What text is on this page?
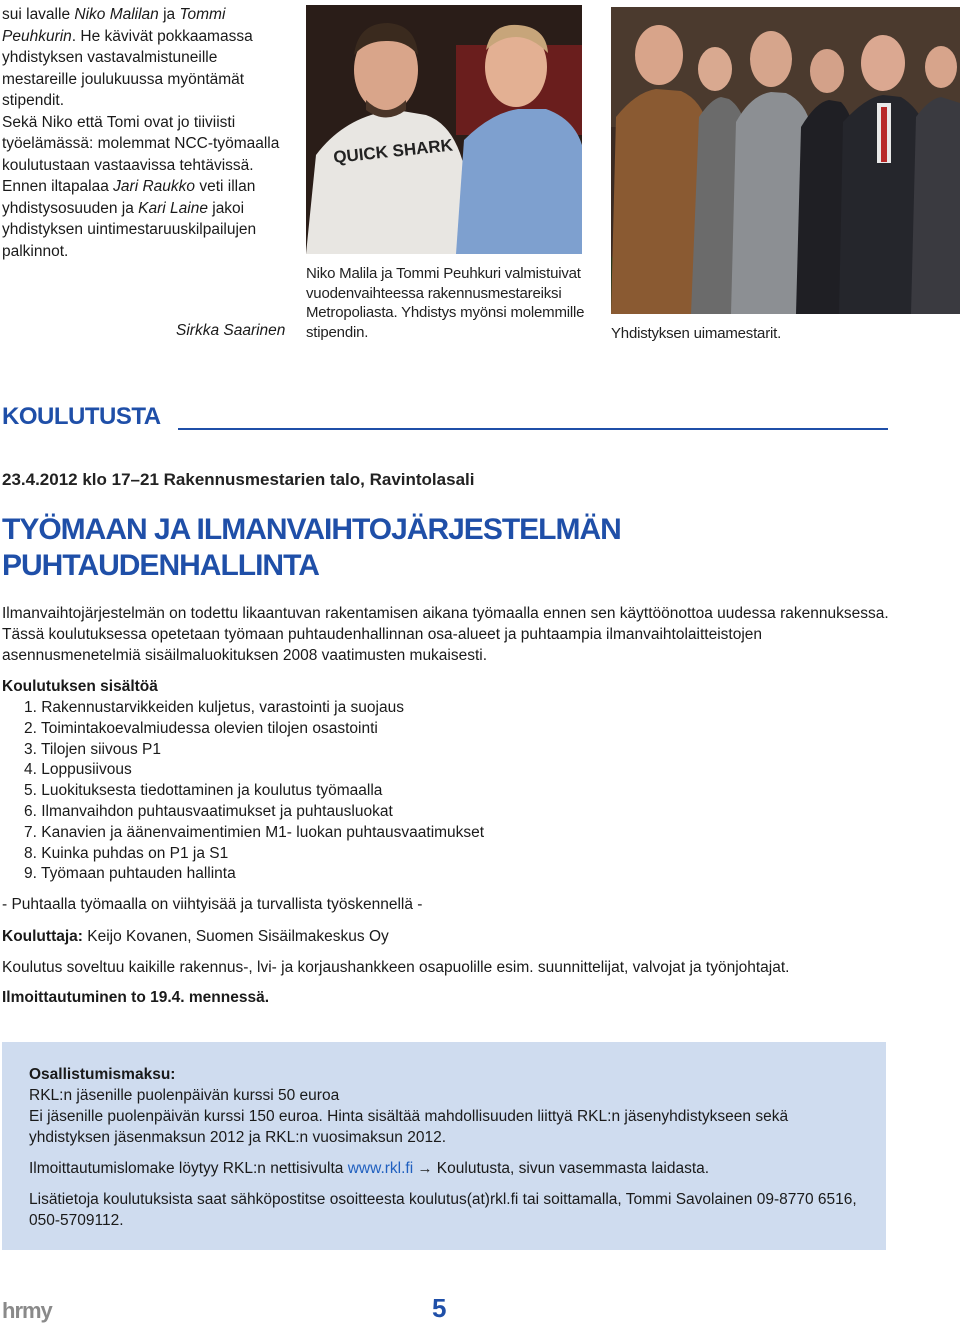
sui lavalle Niko Malilan ja Tommi Peuhkurin. He kävivät pokkaamassa yhdistyksen vastavalmistuneille mestareille joulukuussa myöntämät stipendit.

Sekä Niko että Tomi ovat jo tiiviisti työelämässä: molemmat NCC-työmaalla koulutustaan vastaavissa tehtävissä.

Ennen iltapalaa Jari Raukko veti illan yhdistysosuuden ja Kari Laine jakoi yhdistyksen uintimestaruuskilpailujen palkinnot.

Sirkka Saarinen
QUICK SHARK
Niko Malila ja Tommi Peuhkuri valmistuivat vuodenvaihteessa rakennusmestareiksi Metropoliasta. Yhdistys myönsi molemmille stipendin.	Yhdistyksen uimamestarit.
KOULUTUSTA
23.4.2012 klo 17–21 Rakennusmestarien talo, Ravintolasali
TYÖMAAN JA ILMANVAIHTOJÄRJESTELMÄN
PUHTAUDENHALLINTA

Ilmanvaihtojärjestelmän on todettu likaantuvan rakentamisen aikana työmaalla ennen sen käyttöönottoa uudessa rakennuksessa. Tässä koulutuksessa opetetaan työmaan puhtaudenhallinnan osa-alueet ja puhtaampia ilmanvaihtolaitteistojen asennusmenetelmiä sisäilmaluokituksen 2008 vaatimusten mukaisesti.

Koulutuksen sisältöä
1. Rakennustarvikkeiden kuljetus, varastointi ja suojaus
2. Toimintakoevalmiudessa olevien tilojen osastointi
3. Tilojen siivous P1
4. Loppusiivous
5. Luokituksesta tiedottaminen ja koulutus työmaalla
6. Ilmanvaihdon puhtausvaatimukset ja puhtausluokat
7. Kanavien ja äänenvaimentimien M1- luokan puhtausvaatimukset
8. Kuinka puhdas on P1 ja S1
9. Työmaan puhtauden hallinta
- Puhtaalla työmaalla on viihtyisää ja turvallista työskennellä -
Kouluttaja: Keijo Kovanen, Suomen Sisäilmakeskus Oy
Koulutus soveltuu kaikille rakennus-, lvi- ja korjaushankkeen osapuolille esim. suunnittelijat, valvojat ja työnjohtajat.
Ilmoittautuminen to 19.4. mennessä.

Osallistumismaksu:

RKL:n jäsenille puolenpäivän kurssi 50 euroa

Ei jäsenille puolenpäivän kurssi 150 euroa. Hinta sisältää mahdollisuuden liittyä RKL:n jäsenyhdistykseen sekä yhdistyksen jäsenmaksun 2012 ja RKL:n vuosimaksun 2012.

Ilmoittautumislomake löytyy RKL:n nettisivulta www.rkl.fi → Koulutusta, sivun vasemmasta laidasta.

Lisätietoja koulutuksista saat sähköpostitse osoitteesta koulutus(at)rkl.fi tai soittamalla, Tommi Savolainen 09-8770 6516, 050-5709112.

hrmy	5
